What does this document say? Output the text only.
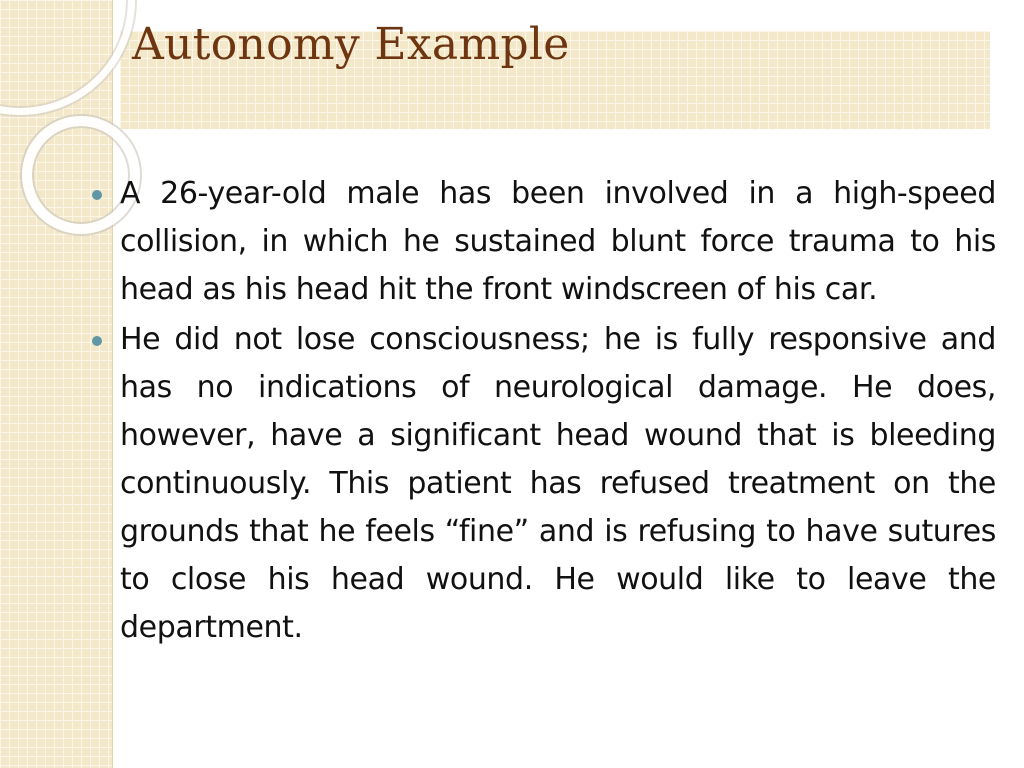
Autonomy Example
A 26-year-old male has been involved in a high-speed collision, in which he sustained blunt force trauma to his head as his head hit the front windscreen of his car.
He did not lose consciousness; he is fully responsive and has no indications of neurological damage. He does, however, have a significant head wound that is bleeding continuously. This patient has refused treatment on the grounds that he feels “fine” and is refusing to have sutures to close his head wound. He would like to leave the department.
